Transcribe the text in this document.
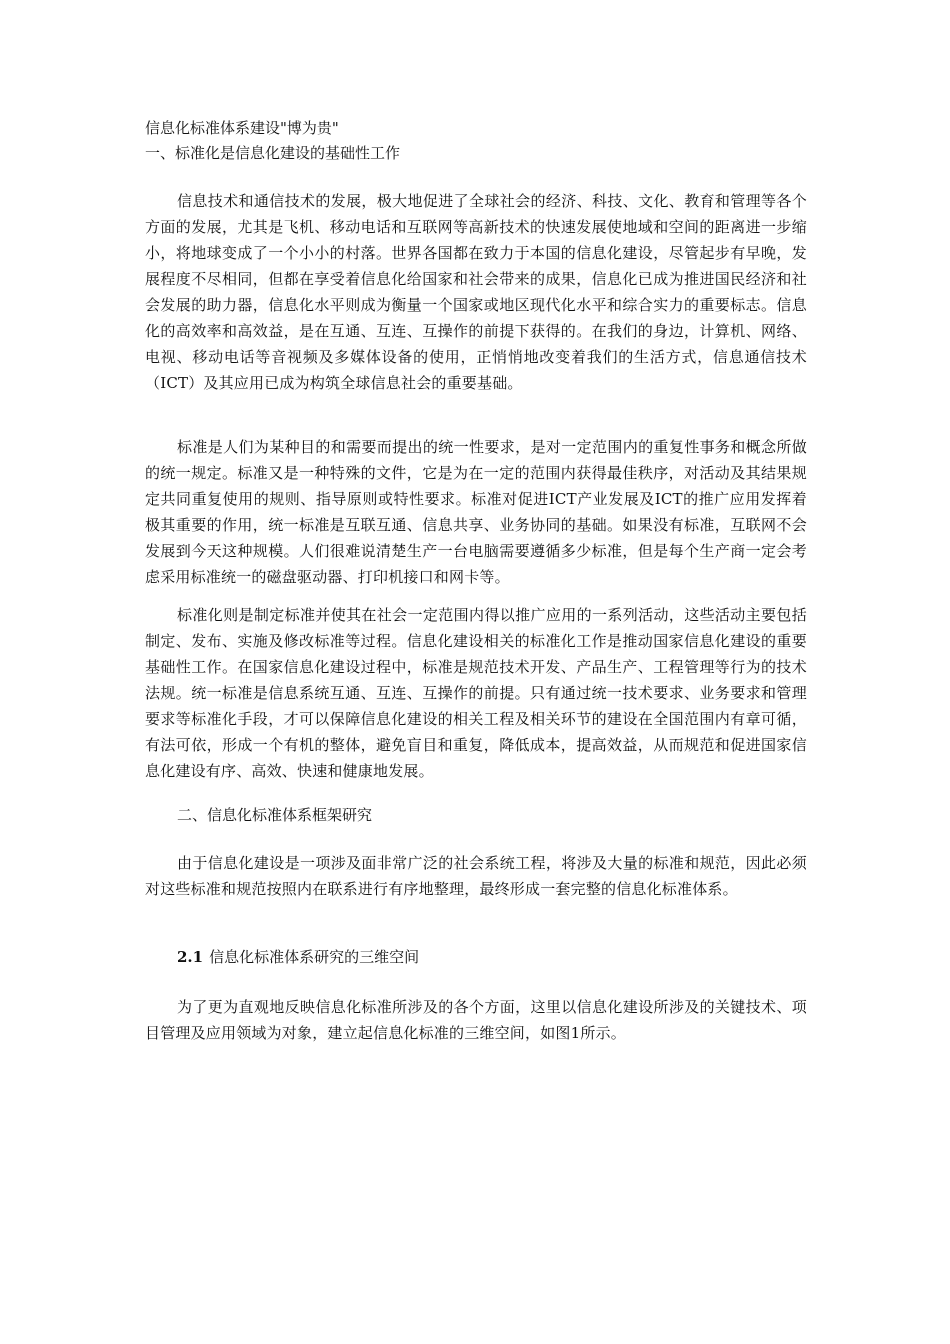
信息化标准体系建设"博为贵"
一、标准化是信息化建设的基础性工作

信息技术和通信技术的发展，极大地促进了全球社会的经济、科技、文化、教育和管理等各个方面的发展，尤其是飞机、移动电话和互联网等高新技术的快速发展使地域和空间的距离进一步缩小，将地球变成了一个小小的村落。世界各国都在致力于本国的信息化建设，尽管起步有早晚，发展程度不尽相同，但都在享受着信息化给国家和社会带来的成果，信息化已成为推进国民经济和社会发展的助力器，信息化水平则成为衡量一个国家或地区现代化水平和综合实力的重要标志。信息化的高效率和高效益，是在互通、互连、互操作的前提下获得的。在我们的身边，计算机、网络、电视、移动电话等音视频及多媒体设备的使用，正悄悄地改变着我们的生活方式，信息通信技术（ICT）及其应用已成为构筑全球信息社会的重要基础。

标准是人们为某种目的和需要而提出的统一性要求，是对一定范围内的重复性事务和概念所做的统一规定。标准又是一种特殊的文件，它是为在一定的范围内获得最佳秩序，对活动及其结果规定共同重复使用的规则、指导原则或特性要求。标准对促进ICT产业发展及ICT的推广应用发挥着极其重要的作用，统一标准是互联互通、信息共享、业务协同的基础。如果没有标准，互联网不会发展到今天这种规模。人们很难说清楚生产一台电脑需要遵循多少标准，但是每个生产商一定会考虑采用标准统一的磁盘驱动器、打印机接口和网卡等。

标准化则是制定标准并使其在社会一定范围内得以推广应用的一系列活动，这些活动主要包括制定、发布、实施及修改标准等过程。信息化建设相关的标准化工作是推动国家信息化建设的重要基础性工作。在国家信息化建设过程中，标准是规范技术开发、产品生产、工程管理等行为的技术法规。统一标准是信息系统互通、互连、互操作的前提。只有通过统一技术要求、业务要求和管理要求等标准化手段，才可以保障信息化建设的相关工程及相关环节的建设在全国范围内有章可循，有法可依，形成一个有机的整体，避免盲目和重复，降低成本，提高效益，从而规范和促进国家信息化建设有序、高效、快速和健康地发展。

二、信息化标准体系框架研究

由于信息化建设是一项涉及面非常广泛的社会系统工程，将涉及大量的标准和规范，因此必须对这些标准和规范按照内在联系进行有序地整理，最终形成一套完整的信息化标准体系。

2.1 信息化标准体系研究的三维空间

为了更为直观地反映信息化标准所涉及的各个方面，这里以信息化建设所涉及的关键技术、项目管理及应用领域为对象，建立起信息化标准的三维空间，如图1所示。
